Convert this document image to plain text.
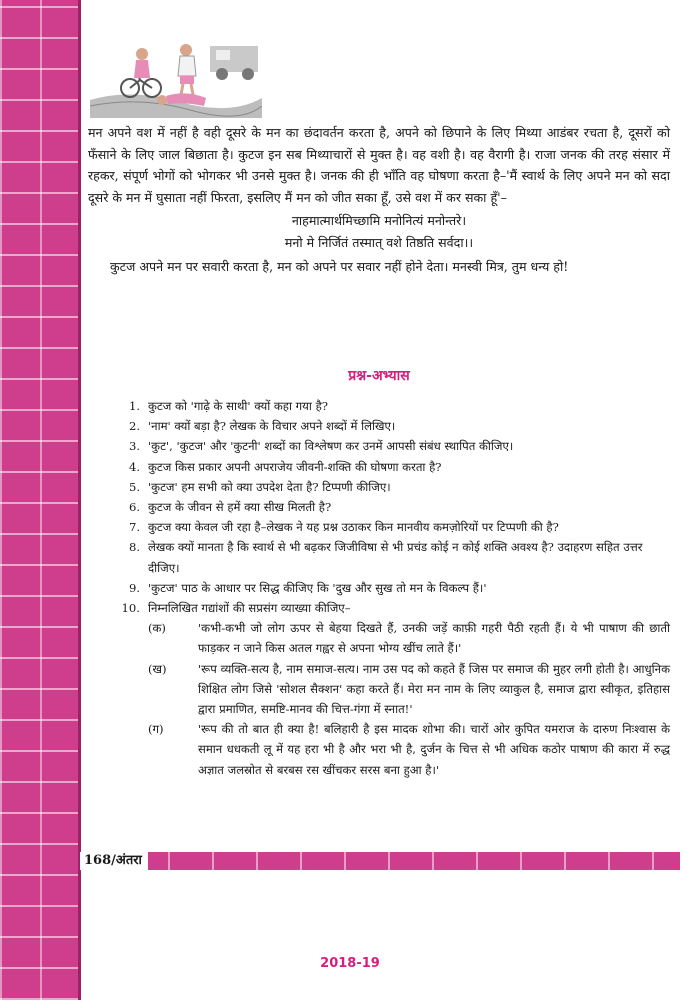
मन अपने वश में नहीं है वही दूसरे के मन का छंदावर्तन करता है, अपने को छिपाने के लिए मिथ्या आडंबर रचता है, दूसरों को फँसाने के लिए जाल बिछाता है। कुटज इन सब मिथ्याचारों से मुक्त है। वह वशी है। वह वैरागी है। राजा जनक की तरह संसार में रहकर, संपूर्ण भोगों को भोगकर भी उनसे मुक्त है। जनक की ही भाँति वह घोषणा करता है–'मैं स्वार्थ के लिए अपने मन को सदा दूसरे के मन में घुसाता नहीं फिरता, इसलिए मैं मन को जीत सका हूँ, उसे वश में कर सका हूँ'–

नाहमात्मार्थमिच्छामि मनोनित्यं मनोन्तरे।
मनो मे निर्जितं तस्मात् वशे तिष्ठति सर्वदा।।

कुटज अपने मन पर सवारी करता है, मन को अपने पर सवार नहीं होने देता। मनस्वी मित्र, तुम धन्य हो!

प्रश्न-अभ्यास
1. कुटज को 'गाढ़े के साथी' क्यों कहा गया है?
2. 'नाम' क्यों बड़ा है? लेखक के विचार अपने शब्दों में लिखिए।
3. 'कुट', 'कुटज' और 'कुटनी' शब्दों का विश्लेषण कर उनमें आपसी संबंध स्थापित कीजिए।
4. कुटज किस प्रकार अपनी अपराजेय जीवनी-शक्ति की घोषणा करता है?
5. 'कुटज' हम सभी को क्या उपदेश देता है? टिप्पणी कीजिए।
6. कुटज के जीवन से हमें क्या सीख मिलती है?
7. कुटज क्या केवल जी रहा है–लेखक ने यह प्रश्न उठाकर किन मानवीय कमज़ोरियों पर टिप्पणी की है?
8. लेखक क्यों मानता है कि स्वार्थ से भी बढ़कर जिजीविषा से भी प्रचंड कोई न कोई शक्ति अवश्य है? उदाहरण सहित उत्तर दीजिए।
9. 'कुटज' पाठ के आधार पर सिद्ध कीजिए कि 'दुख और सुख तो मन के विकल्प हैं।'
10. निम्नलिखित गद्यांशों की सप्रसंग व्याख्या कीजिए–
(क)	'कभी-कभी जो लोग ऊपर से बेहया दिखते हैं, उनकी जड़ें काफ़ी गहरी पैठी रहती हैं। ये भी पाषाण की छाती फाड़कर न जाने किस अतल गह्वर से अपना भोग्य खींच लाते हैं।'
(ख)	'रूप व्यक्ति-सत्य है, नाम समाज-सत्य। नाम उस पद को कहते हैं जिस पर समाज की मुहर लगी होती है। आधुनिक शिक्षित लोग जिसे 'सोशल सैक्शन' कहा करते हैं। मेरा मन नाम के लिए व्याकुल है, समाज द्वारा स्वीकृत, इतिहास द्वारा प्रमाणित, समष्टि-मानव की चित्त-गंगा में स्नात!'
(ग)	'रूप की तो बात ही क्या है! बलिहारी है इस मादक शोभा की। चारों ओर कुपित यमराज के दारुण निःश्वास के समान धधकती लू में यह हरा भी है और भरा भी है, दुर्जन के चित्त से भी अधिक कठोर पाषाण की कारा में रुद्ध अज्ञात जलस्रोत से बरबस रस खींचकर सरस बना हुआ है।'
168/अंतरा
2018-19
